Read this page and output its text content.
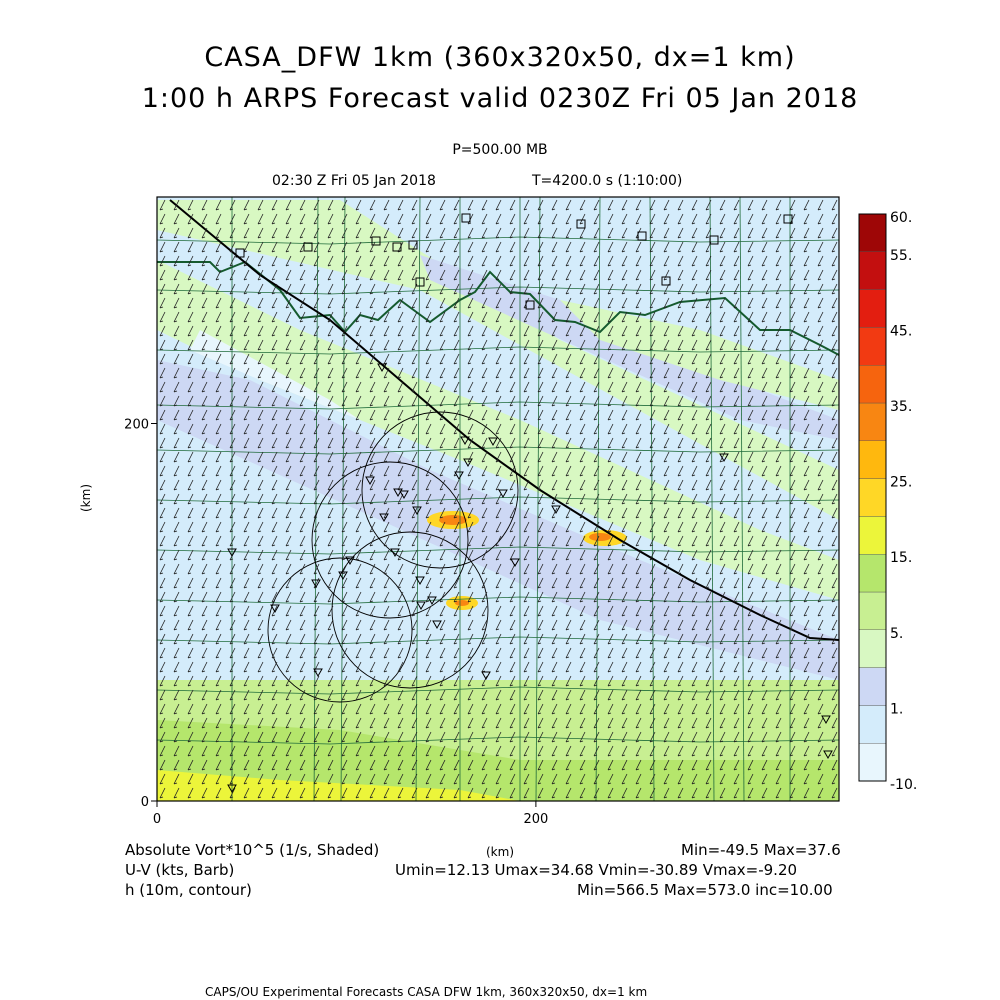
CASA_DFW 1km (360x320x50, dx=1 km)
1:00 h ARPS Forecast valid 0230Z Fri 05 Jan 2018
P=500.00 MB
02:30 Z Fri 05 Jan 2018	T=4200.0 s (1:10:00)
0	200
0
200
60.
55.
45.
35.
25.
15.
5.
1.
-10.
Absolute Vort*10^5 (1/s, Shaded)
U-V (kts, Barb)
h (10m, contour)
(km)	Min=-49.5 Max=37.6
Umin=12.13 Umax=34.68 Vmin=-30.89 Vmax=-9.20
Min=566.5 Max=573.0 inc=10.00
(km)
CAPS/OU Experimental Forecasts CASA DFW 1km, 360x320x50, dx=1 km
